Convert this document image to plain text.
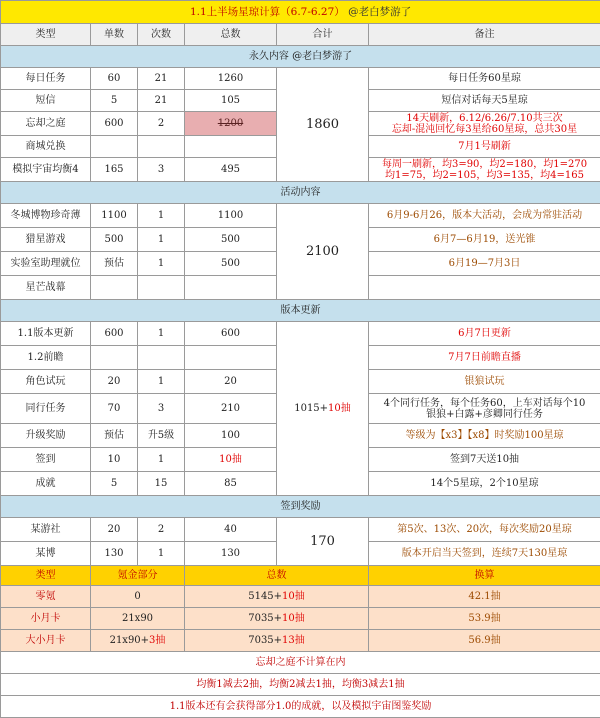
1.1上半场星琼计算（6.7-6.27） @老白梦游了					
类型	单数	次数	总数	合计	备注
永久内容 @老白梦游了					
每日任务	60	21	1260	1860	每日任务60星琼
短信	5	21	105		短信对话每天5星琼
忘却之庭	600	2	1200		14天刷新，6.12/6.26/7.10共三次
忘却-混沌回忆每3星给60星琼，总共30星

商城兑换					7月1号刷新
模拟宇宙均衡4	165	3	495		每周一刷新，均3=90，均2=180，均1=270
均1=75，均2=105，均3=135，均4=165

活动内容					
冬城博物珍奇薄	1100	1	1100	2100	6月9-6月26，版本大活动，会成为常驻活动
猎星游戏	500	1	500		6月7—6月19，送光锥
实验室助理就位	预估	1	500		6月19—7月3日
星芒战幕					
版本更新					
1.1版本更新	600	1	600	1015+10抽	6月7日更新
1.2前瞻					7月7日前瞻直播
角色试玩	20	1	20		银狼试玩
同行任务	70	3	210		4个同行任务，每个任务60，上车对话每个10
银狼+白露+彦卿同行任务

升级奖励	预估	升5级	100		等级为【x3】【x8】时奖励100星琼
签到	10	1	10抽		签到7天送10抽
成就	5	15	85		14个5星琼，2个10星琼
签到奖励					
某游社	20	2	40	170	第5次、13次、20次，每次奖励20星琼
某博	130	1	130		版本开启当天签到，连续7天130星琼
类型	氪金部分		总数		换算
零氪	0		5145+10抽		42.1抽
小月卡	21x90		7035+10抽		53.9抽
大小月卡	21x90+3抽		7035+13抽		56.9抽
忘却之庭不计算在内					
均衡1减去2抽，均衡2减去1抽，均衡3减去1抽					
1.1版本还有会获得部分1.0的成就，以及模拟宇宙图鉴奖励					
